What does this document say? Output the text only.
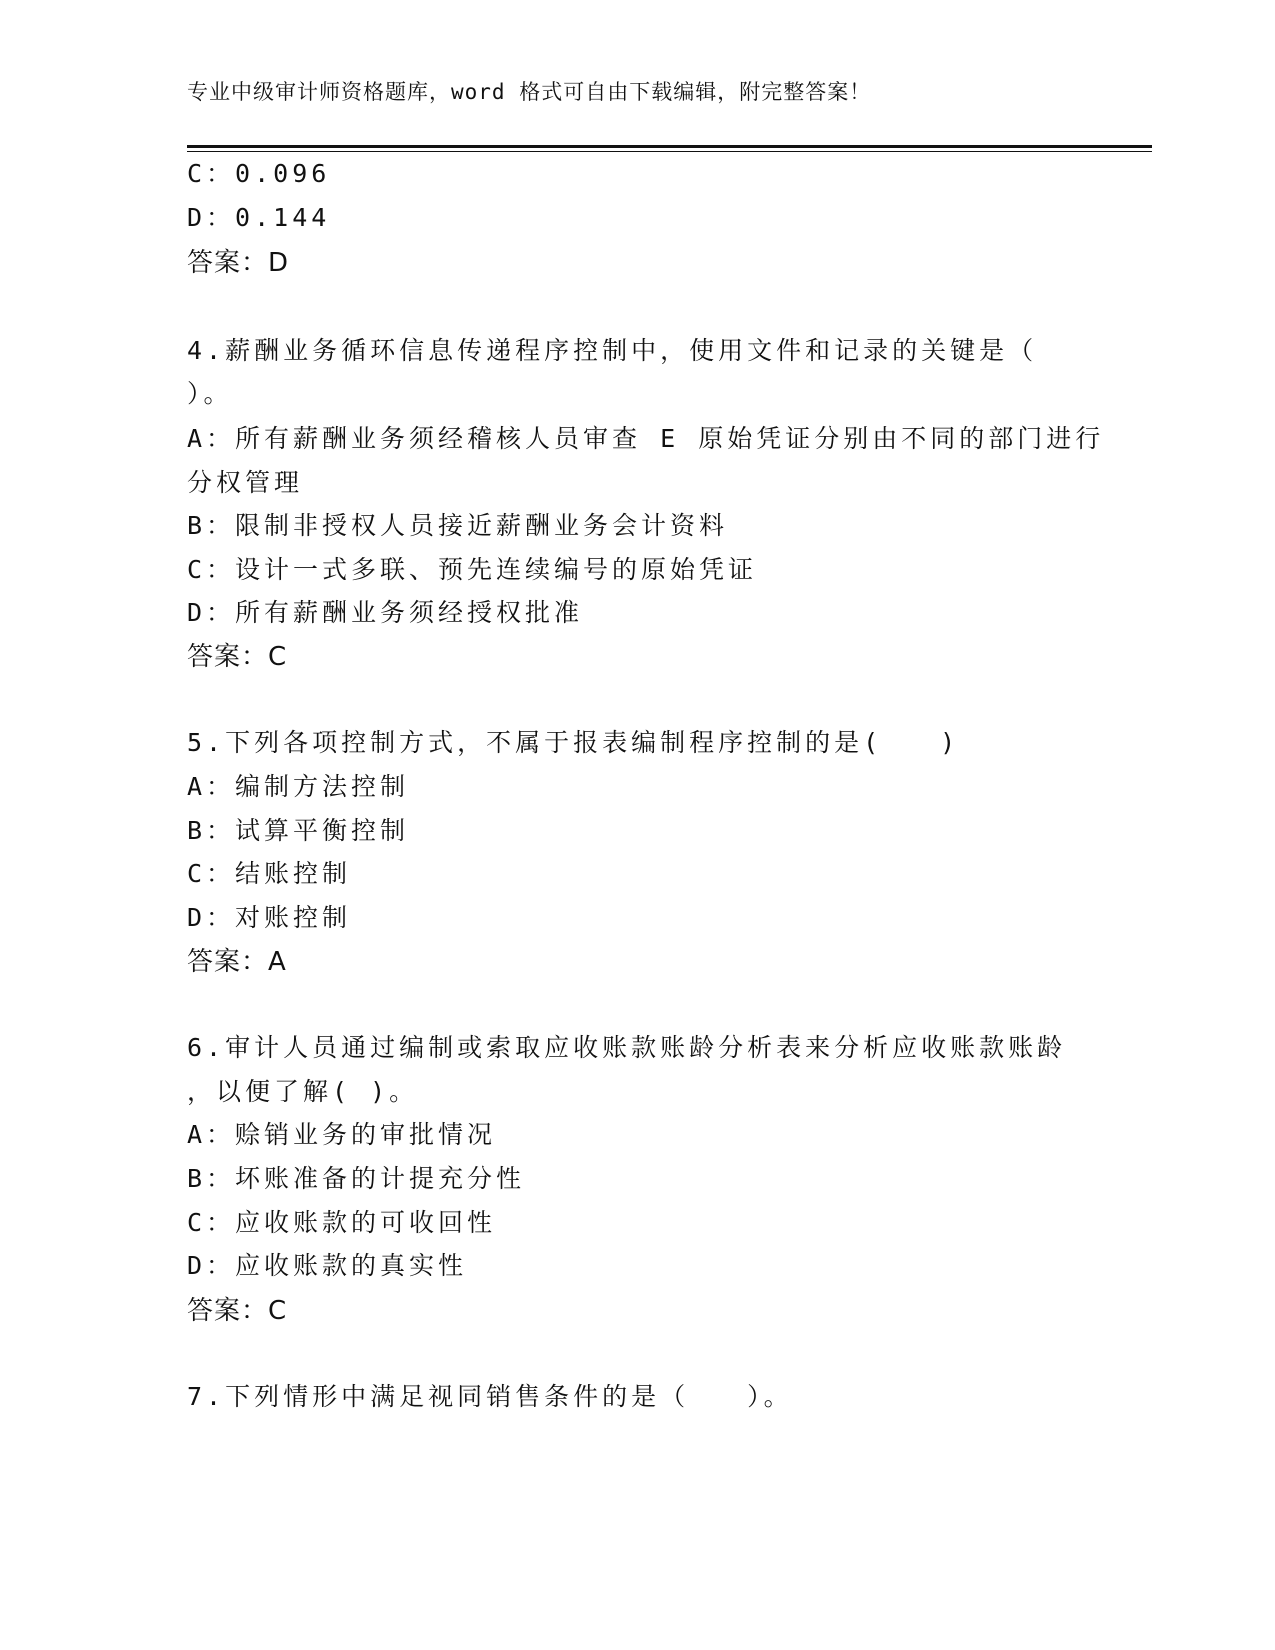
专业中级审计师资格题库，word 格式可自由下载编辑，附完整答案！
C：0.096
D：0.144
答案：D
4.薪酬业务循环信息传递程序控制中，使用文件和记录的关键是（
）。
A：所有薪酬业务须经稽核人员审查 E 原始凭证分别由不同的部门进行
分权管理
B：限制非授权人员接近薪酬业务会计资料
C：设计一式多联、预先连续编号的原始凭证
D：所有薪酬业务须经授权批准
答案：C
5.下列各项控制方式，不属于报表编制程序控制的是(　　)
A：编制方法控制
B：试算平衡控制
C：结账控制
D：对账控制
答案：A
6.审计人员通过编制或索取应收账款账龄分析表来分析应收账款账龄
，以便了解( )。
A：赊销业务的审批情况
B：坏账准备的计提充分性
C：应收账款的可收回性
D：应收账款的真实性
答案：C
7.下列情形中满足视同销售条件的是（　　）。
